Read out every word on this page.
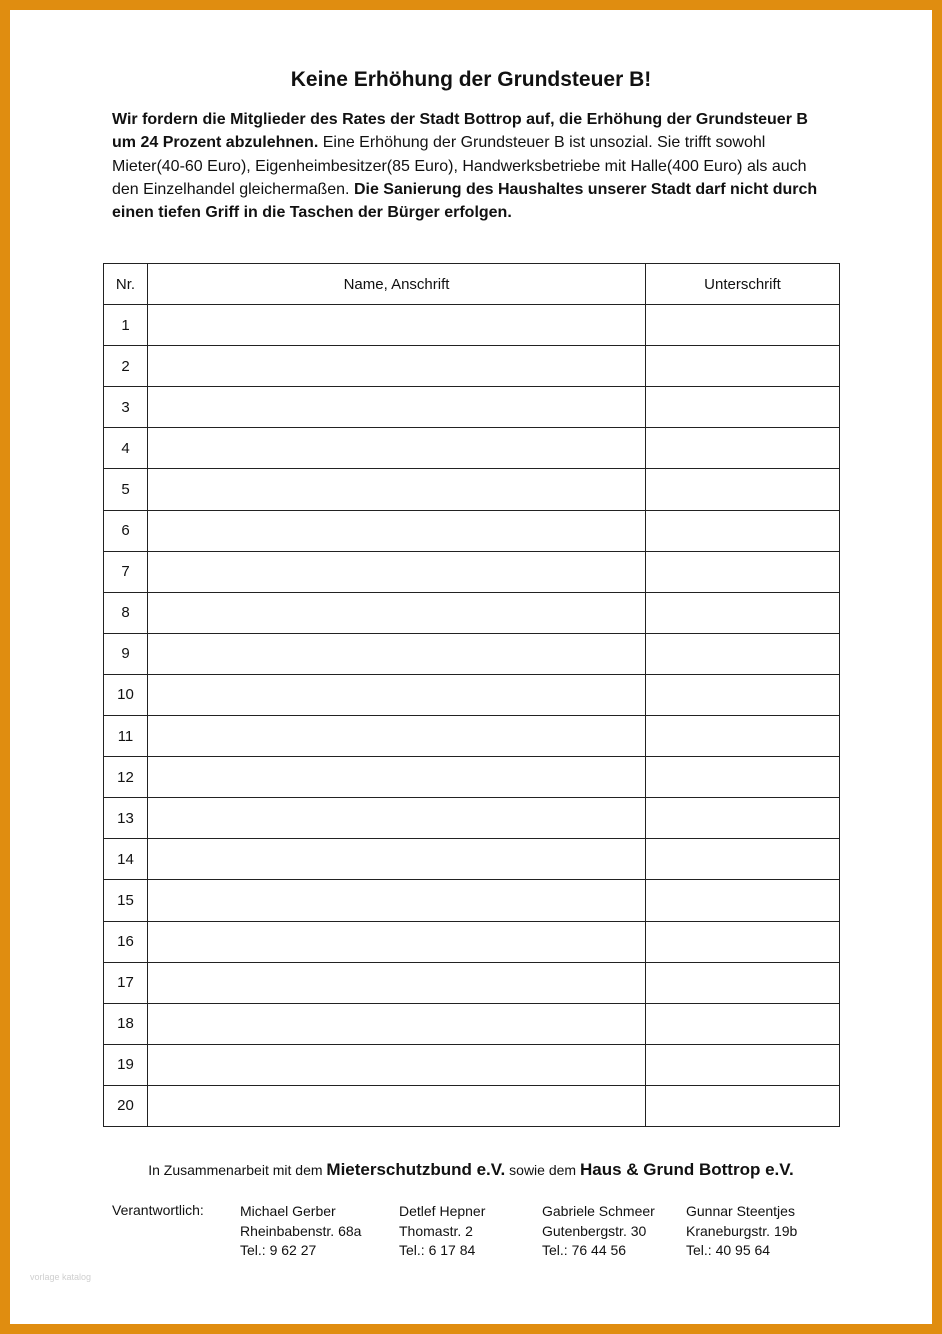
Keine Erhöhung der Grundsteuer B!
Wir fordern die Mitglieder des Rates der Stadt Bottrop auf, die Erhöhung der Grundsteuer B um 24 Prozent abzulehnen. Eine Erhöhung der Grundsteuer B ist unsozial. Sie trifft sowohl Mieter(40-60 Euro), Eigenheimbesitzer(85 Euro), Handwerksbetriebe mit Halle(400 Euro) als auch den Einzelhandel gleichermaßen. Die Sanierung des Haushaltes unserer Stadt darf nicht durch einen tiefen Griff in die Taschen der Bürger erfolgen.
Nr.	Name, Anschrift	Unterschrift
1		
2		
3		
4		
5		
6		
7		
8		
9		
10		
11		
12		
13		
14		
15		
16		
17		
18		
19		
20		
In Zusammenarbeit mit dem Mieterschutzbund e.V. sowie dem Haus & Grund Bottrop e.V.
Verantwortlich:	Michael Gerber
Rheinbabenstr. 68a
Tel.: 9 62 27
Detlef Hepner
Thomastr. 2
Tel.: 6 17 84
Gabriele Schmeer
Gutenbergstr. 30
Tel.: 76 44 56
Gunnar Steentjes
Kraneburgstr. 19b
Tel.: 40 95 64
vorlage katalog
